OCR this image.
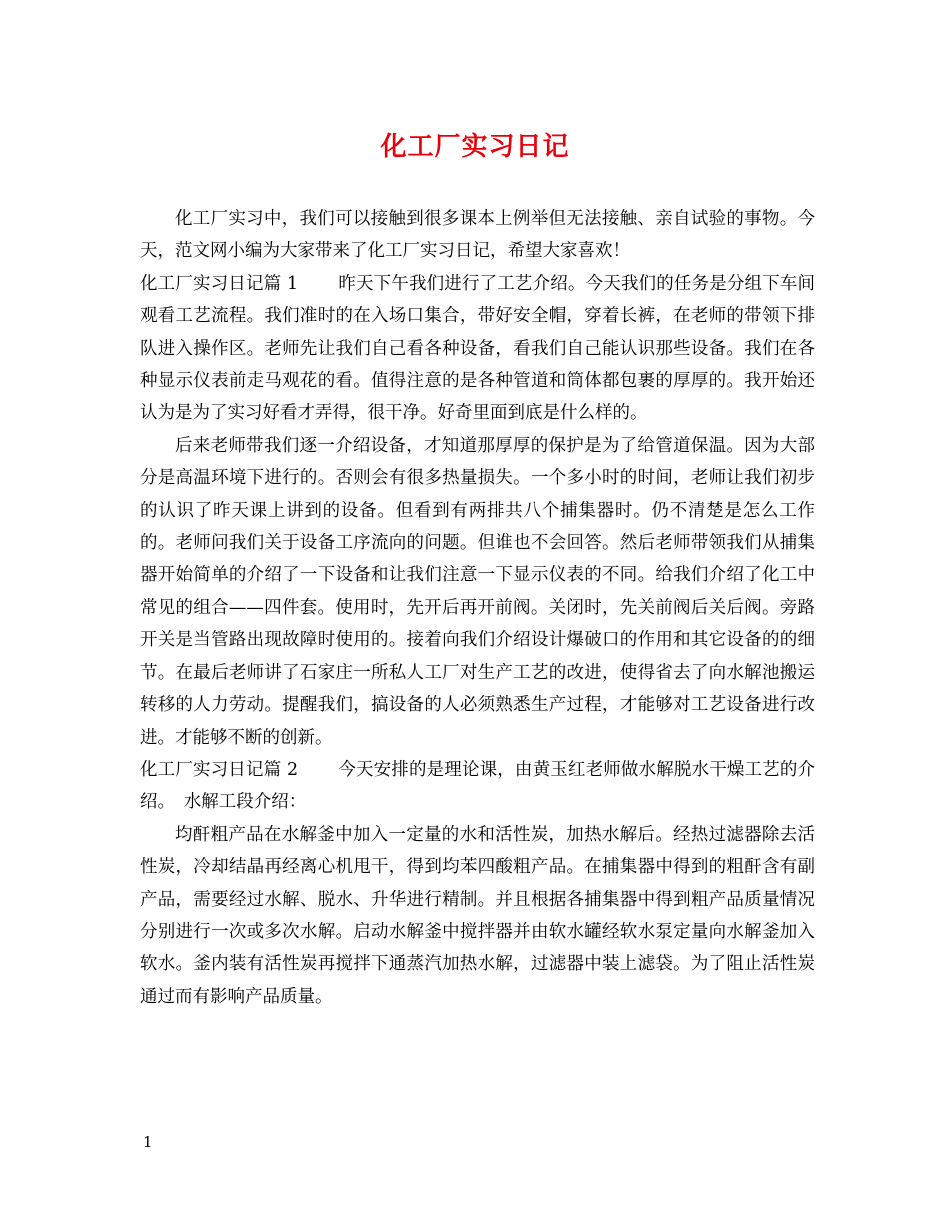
化工厂实习日记

化工厂实习中，我们可以接触到很多课本上例举但无法接触、亲自试验的事物。今天，范文网小编为大家带来了化工厂实习日记，希望大家喜欢！

化工厂实习日记篇 1 昨天下午我们进行了工艺介绍。今天我们的任务是分组下车间观看工艺流程。我们准时的在入场口集合，带好安全帽，穿着长裤，在老师的带领下排队进入操作区。老师先让我们自己看各种设备，看我们自己能认识那些设备。我们在各种显示仪表前走马观花的看。值得注意的是各种管道和筒体都包裹的厚厚的。我开始还认为是为了实习好看才弄得，很干净。好奇里面到底是什么样的。

后来老师带我们逐一介绍设备，才知道那厚厚的保护是为了给管道保温。因为大部分是高温环境下进行的。否则会有很多热量损失。一个多小时的时间，老师让我们初步的认识了昨天课上讲到的设备。但看到有两排共八个捕集器时。仍不清楚是怎么工作的。老师问我们关于设备工序流向的问题。但谁也不会回答。然后老师带领我们从捕集器开始简单的介绍了一下设备和让我们注意一下显示仪表的不同。给我们介绍了化工中常见的组合——四件套。使用时，先开后再开前阀。关闭时，先关前阀后关后阀。旁路开关是当管路出现故障时使用的。接着向我们介绍设计爆破口的作用和其它设备的的细节。在最后老师讲了石家庄一所私人工厂对生产工艺的改进，使得省去了向水解池搬运转移的人力劳动。提醒我们，搞设备的人必须熟悉生产过程，才能够对工艺设备进行改进。才能够不断的创新。

化工厂实习日记篇 2 今天安排的是理论课，由黄玉红老师做水解脱水干燥工艺的介绍。　水解工段介绍：

均酐粗产品在水解釜中加入一定量的水和活性炭，加热水解后。经热过滤器除去活性炭，冷却结晶再经离心机甩干，得到均苯四酸粗产品。在捕集器中得到的粗酐含有副产品，需要经过水解、脱水、升华进行精制。并且根据各捕集器中得到粗产品质量情况分别进行一次或多次水解。启动水解釜中搅拌器并由软水罐经软水泵定量向水解釜加入软水。釜内装有活性炭再搅拌下通蒸汽加热水解，过滤器中装上滤袋。为了阻止活性炭通过而有影响产品质量。

1
